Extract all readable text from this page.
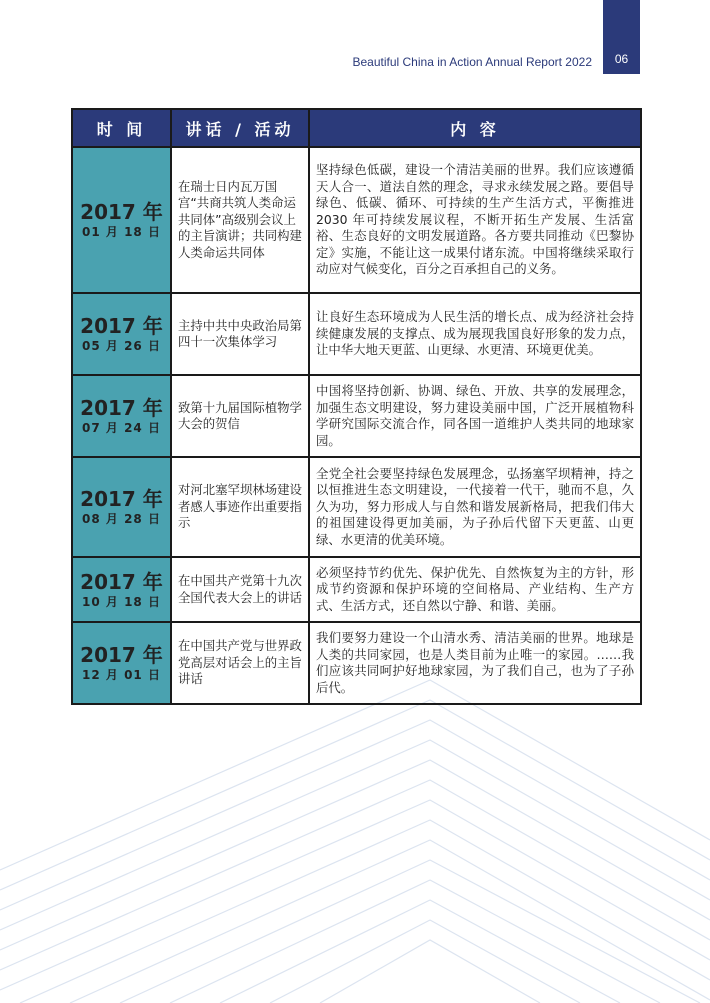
06
Beautiful China in Action Annual Report 2022
时 间	讲话 / 活动	内 容

2017 年
01 月 18 日	在瑞士日内瓦万国宫“共商共筑人类命运共同体”高级别会议上的主旨演讲；共同构建人类命运共同体	坚持绿色低碳，建设一个清洁美丽的世界。我们应该遵循天人合一、道法自然的理念，寻求永续发展之路。要倡导绿色、低碳、循环、可持续的生产生活方式，平衡推进 2030 年可持续发展议程，不断开拓生产发展、生活富裕、生态良好的文明发展道路。各方要共同推动《巴黎协定》实施，不能让这一成果付诸东流。中国将继续采取行动应对气候变化，百分之百承担自己的义务。

2017 年
05 月 26 日	主持中共中央政治局第四十一次集体学习	让良好生态环境成为人民生活的增长点、成为经济社会持续健康发展的支撑点、成为展现我国良好形象的发力点，让中华大地天更蓝、山更绿、水更清、环境更优美。

2017 年
07 月 24 日	致第十九届国际植物学大会的贺信	中国将坚持创新、协调、绿色、开放、共享的发展理念，加强生态文明建设，努力建设美丽中国，广泛开展植物科学研究国际交流合作，同各国一道维护人类共同的地球家园。

2017 年
08 月 28 日	对河北塞罕坝林场建设者感人事迹作出重要指示	全党全社会要坚持绿色发展理念，弘扬塞罕坝精神，持之以恒推进生态文明建设，一代接着一代干，驰而不息，久久为功，努力形成人与自然和谐发展新格局，把我们伟大的祖国建设得更加美丽，为子孙后代留下天更蓝、山更绿、水更清的优美环境。

2017 年
10 月 18 日	在中国共产党第十九次全国代表大会上的讲话	必须坚持节约优先、保护优先、自然恢复为主的方针，形成节约资源和保护环境的空间格局、产业结构、生产方式、生活方式，还自然以宁静、和谐、美丽。

2017 年
12 月 01 日	在中国共产党与世界政党高层对话会上的主旨讲话	我们要努力建设一个山清水秀、清洁美丽的世界。地球是人类的共同家园，也是人类目前为止唯一的家园。……我们应该共同呵护好地球家园，为了我们自己，也为了子孙后代。
